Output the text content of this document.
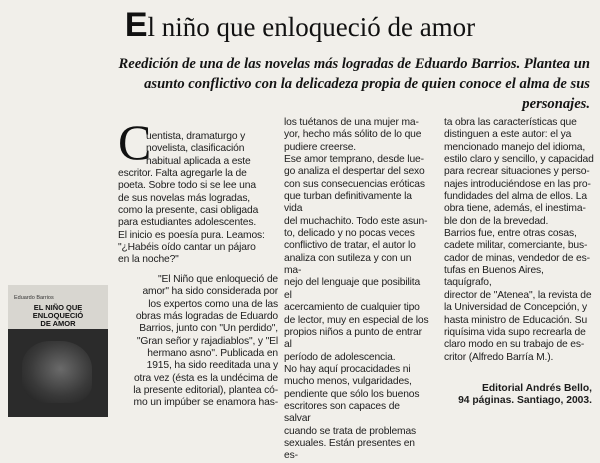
El niño que enloqueció de amor
Reedición de una de las novelas más logradas de Eduardo Barrios. Plantea un asunto conflictivo con la delicadeza propia de quien conoce el alma de sus personajes.
C
uentista, dramaturgo y
novelista, clasificación
habitual aplicada a este
escritor. Falta agregarle la de
poeta. Sobre todo si se lee una
de sus novelas más logradas,
como la presente, casi obligada
para estudiantes adolescentes.
El inicio es poesía pura. Leamos:
"¿Habéis oído cantar un pájaro
en la noche?"
"El Niño que enloqueció de
amor" ha sido considerada por
los expertos como una de las
obras más logradas de Eduardo
Barrios, junto con "Un perdido",
"Gran señor y rajadiablos", y "El
hermano asno". Publicada en
1915, ha sido reeditada una y
otra vez (ésta es la undécima de
la presente editorial), plantea có-
mo un impúber se enamora has-

los tuétanos de una mujer ma-
yor, hecho más sólito de lo que
pudiere creerse.
Ese amor temprano, desde lue-
go analiza el despertar del sexo
con sus consecuencias eróticas
que turban definitivamente la vida
del muchachito. Todo este asun-
to, delicado y no pocas veces
conflictivo de tratar, el autor lo
analiza con sutileza y con un ma-
nejo del lenguaje que posibilita el
acercamiento de cualquier tipo
de lector, muy en especial de los
propios niños a punto de entrar al
período de adolescencia.
No hay aquí procacidades ni
mucho menos, vulgaridades,
pendiente que sólo los buenos
escritores son capaces de salvar
cuando se trata de problemas
sexuales. Están presentes en es-

ta obra las características que
distinguen a este autor: el ya
mencionado manejo del idioma,
estilo claro y sencillo, y capacidad
para recrear situaciones y perso-
najes introduciéndose en las pro-
fundidades del alma de ellos. La
obra tiene, además, el inestima-
ble don de la brevedad.
Barrios fue, entre otras cosas,
cadete militar, comerciante, bus-
cador de minas, vendedor de es-
tufas en Buenos Aires, taquígrafo,
director de "Atenea", la revista de
la Universidad de Concepción, y
hasta ministro de Educación. Su
riquísima vida supo recrearla de
claro modo en su trabajo de es-
critor (Alfredo Barría M.).

Eduardo Barrios
EL NIÑO QUE
ENLOQUECIÓ
DE AMOR
Editorial Andrés Bello,
94 páginas. Santiago, 2003.
